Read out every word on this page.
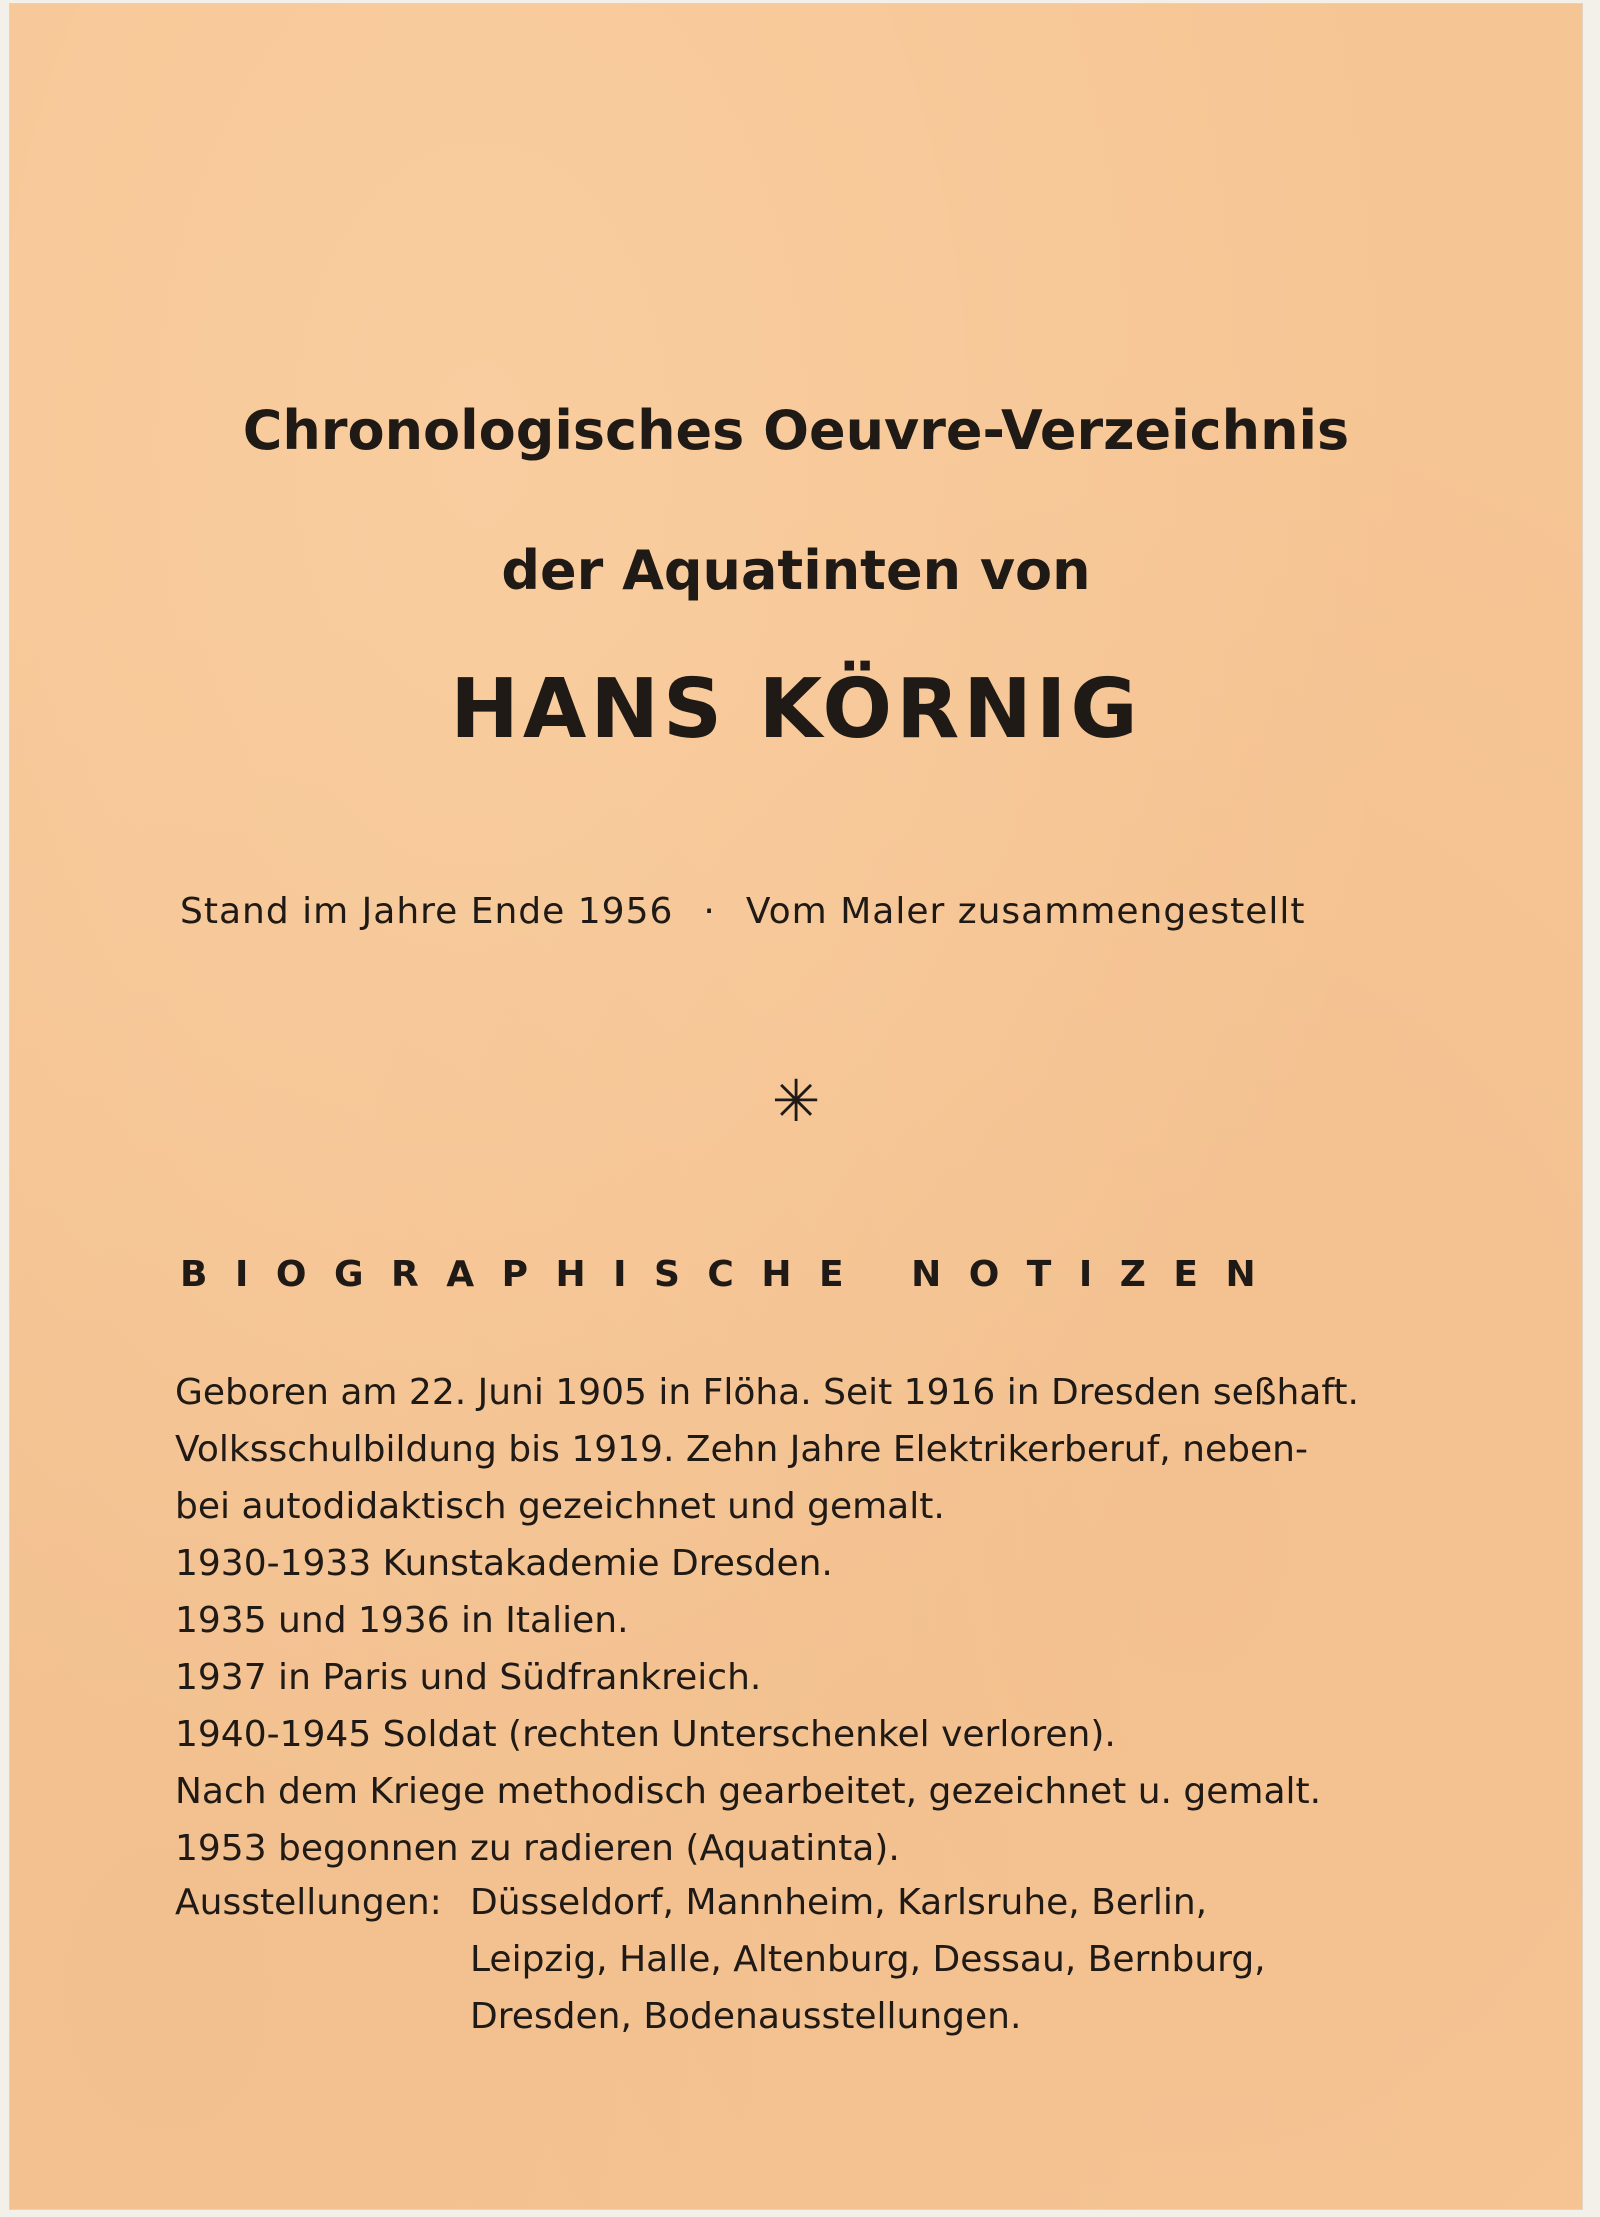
Chronologisches Oeuvre-Verzeichnis
der Aquatinten von
HANS KÖRNIG
Stand im Jahre Ende 1956 · Vom Maler zusammengestellt
✳
BIOGRAPHISCHE NOTIZEN
Geboren am 22. Juni 1905 in Flöha. Seit 1916 in Dresden seßhaft.
Volksschulbildung bis 1919. Zehn Jahre Elektrikerberuf, neben-
bei autodidaktisch gezeichnet und gemalt.
1930-1933 Kunstakademie Dresden.
1935 und 1936 in Italien.
1937 in Paris und Südfrankreich.
1940-1945 Soldat (rechten Unterschenkel verloren).
Nach dem Kriege methodisch gearbeitet, gezeichnet u. gemalt.
1953 begonnen zu radieren (Aquatinta).
Ausstellungen: Düsseldorf, Mannheim, Karlsruhe, Berlin,
Leipzig, Halle, Altenburg, Dessau, Bernburg,
Dresden, Bodenausstellungen.
